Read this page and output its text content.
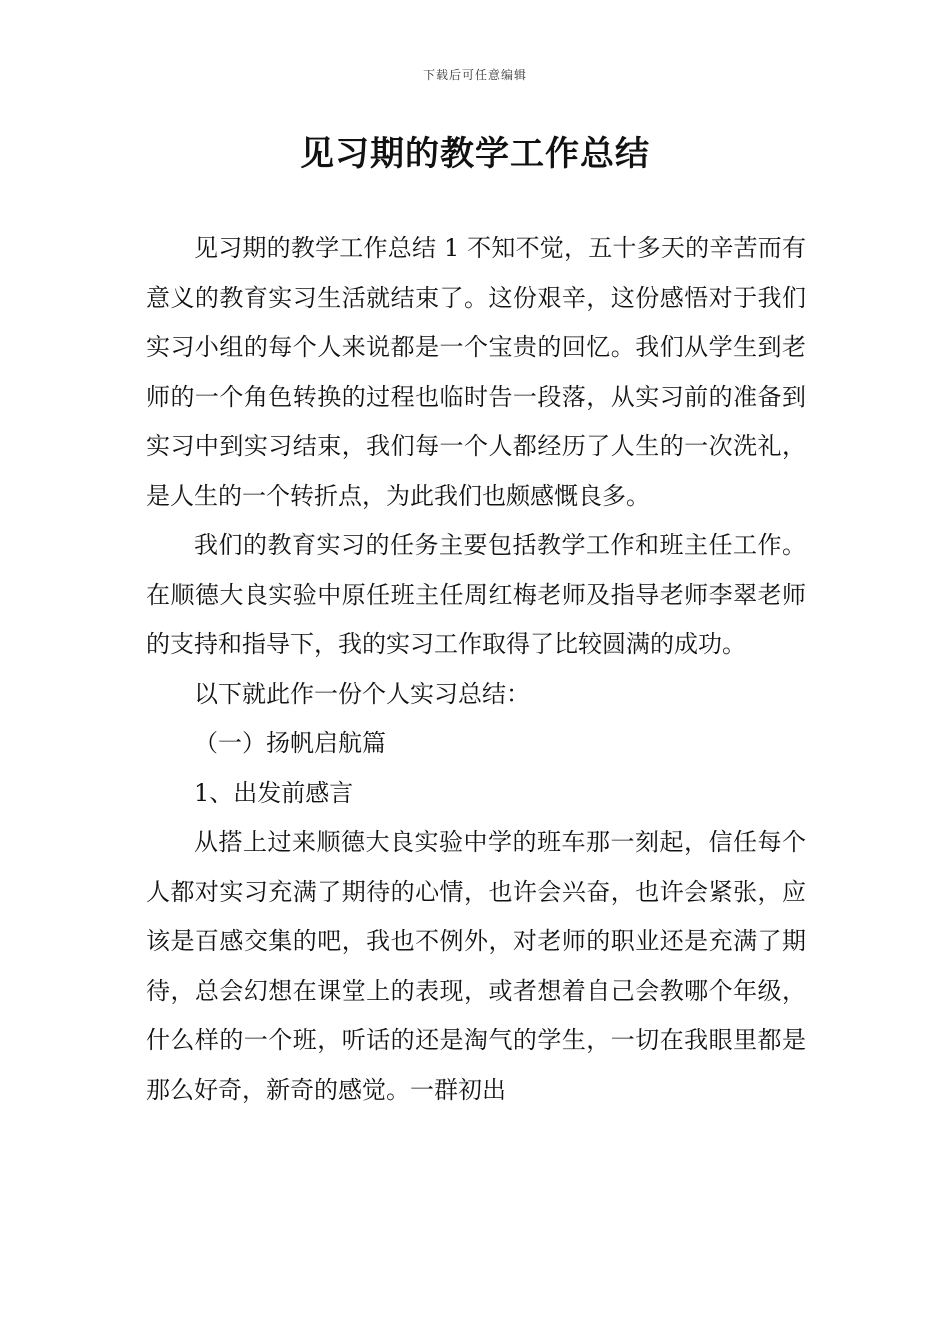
下载后可任意编辑
见习期的教学工作总结

见习期的教学工作总结 1 不知不觉，五十多天的辛苦而有意义的教育实习生活就结束了。这份艰辛，这份感悟对于我们实习小组的每个人来说都是一个宝贵的回忆。我们从学生到老师的一个角色转换的过程也临时告一段落，从实习前的准备到实习中到实习结束，我们每一个人都经历了人生的一次洗礼，是人生的一个转折点，为此我们也颇感慨良多。

我们的教育实习的任务主要包括教学工作和班主任工作。在顺德大良实验中原任班主任周红梅老师及指导老师李翠老师的支持和指导下，我的实习工作取得了比较圆满的成功。

以下就此作一份个人实习总结：

（一）扬帆启航篇

1、出发前感言

从搭上过来顺德大良实验中学的班车那一刻起，信任每个人都对实习充满了期待的心情，也许会兴奋，也许会紧张，应该是百感交集的吧，我也不例外，对老师的职业还是充满了期待，总会幻想在课堂上的表现，或者想着自己会教哪个年级，什么样的一个班，听话的还是淘气的学生，一切在我眼里都是那么好奇，新奇的感觉。一群初出
